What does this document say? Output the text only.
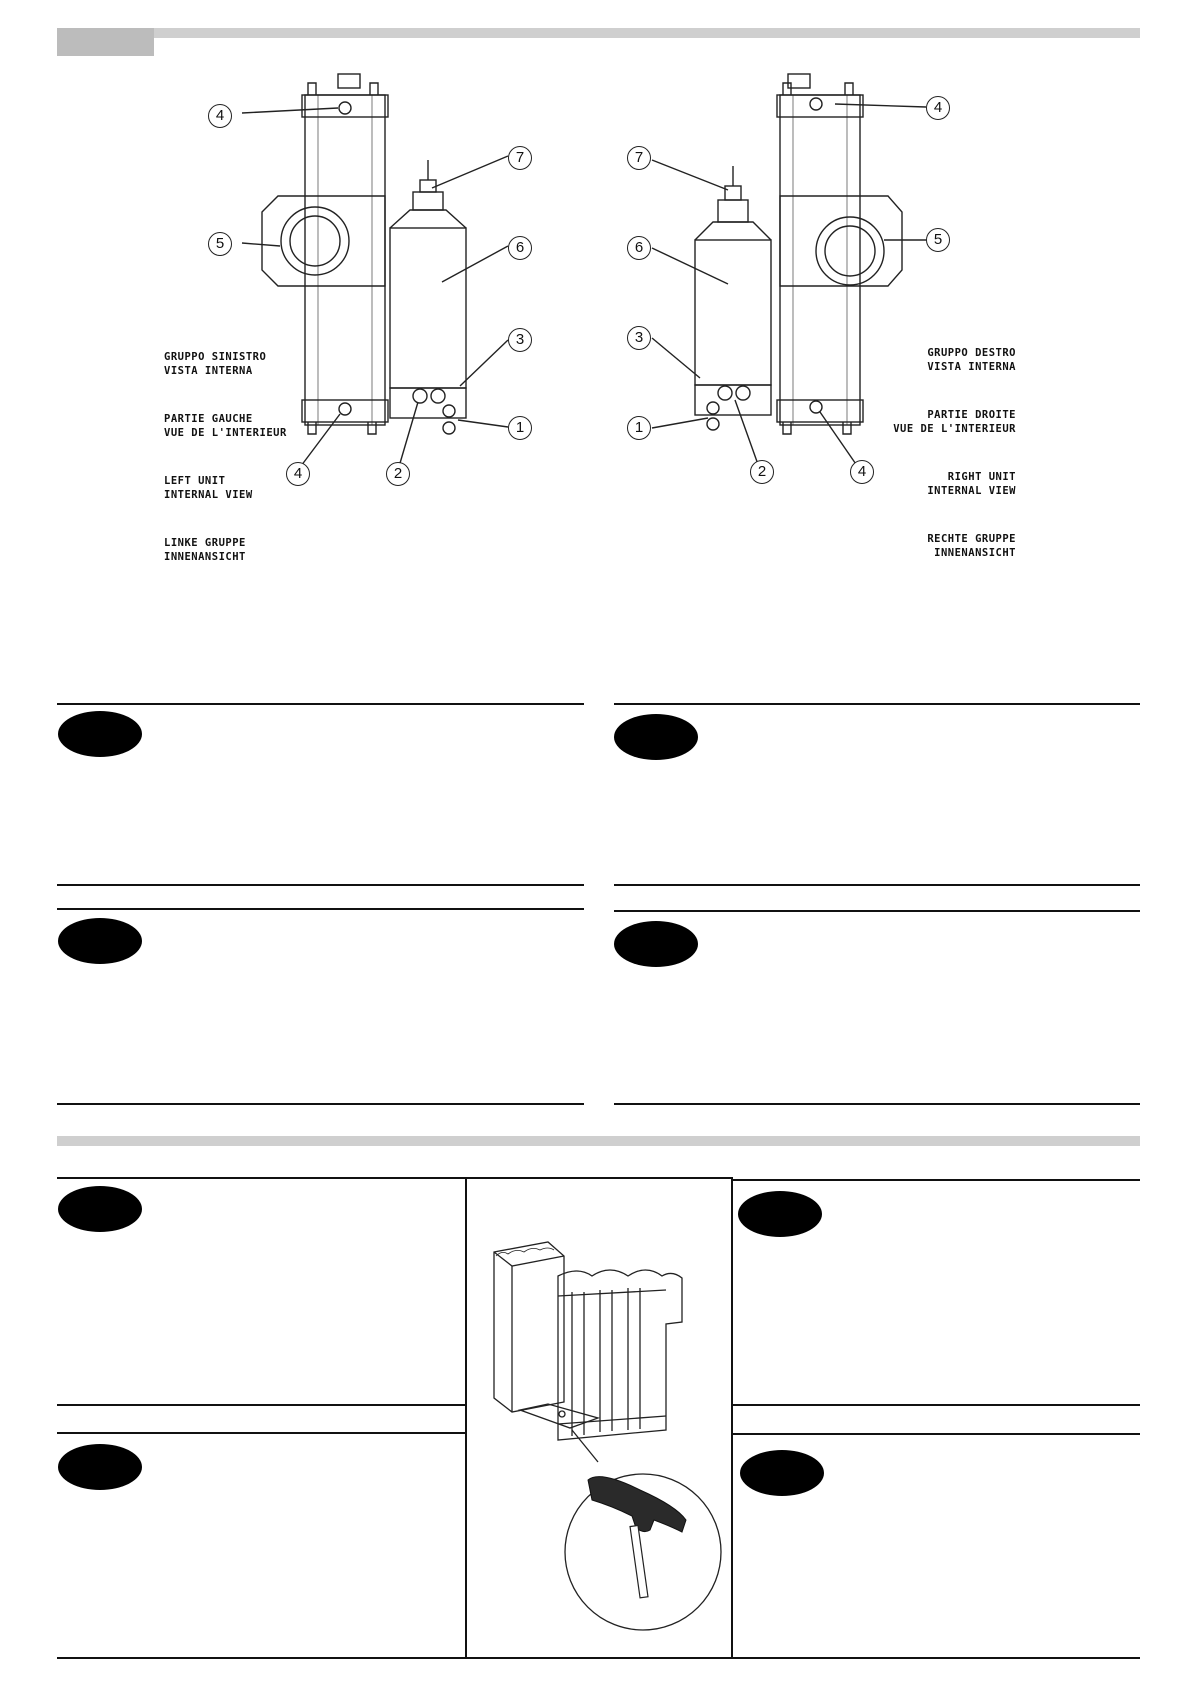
4
7
5	6
3
1
4	2

GRUPPO SINISTRO
VISTA INTERNA

PARTIE GAUCHE
VUE DE L'INTERIEUR

LEFT UNIT
INTERNAL VIEW

LINKE GRUPPE
INNENANSICHT

7
4
6	5
3
1
2	4

GRUPPO DESTRO
VISTA INTERNA

PARTIE DROITE
VUE DE L'INTERIEUR

RIGHT UNIT
INTERNAL VIEW

RECHTE GRUPPE
INNENANSICHT
